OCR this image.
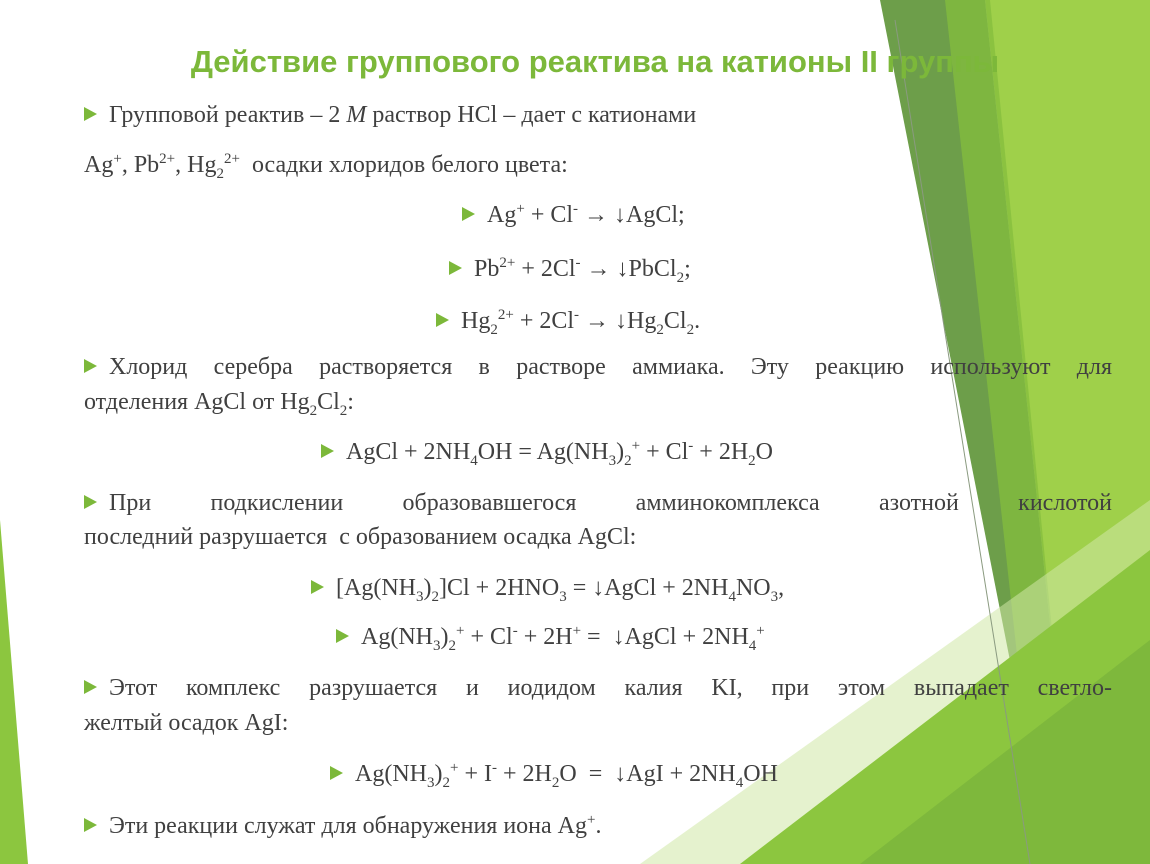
Действие группового реактива на катионы II группы
Групповой реактив – 2 М раствор HCl – дает с катионами
Ag+, $Pb^{2+}$, $Hg_2^{2+}$  осадки хлоридов белого цвета:
Ag+ + Cl- → ↓AgCl;
$Pb^{2+} + 2Cl^-$ → ↓PbCl$_2$;
$Hg_2^{2+} + 2Cl^-$ → $↓Hg_2Cl_2$.
Хлорид серебра растворяется в растворе аммиака. Эту реакцию используют для
отделения AgCl от $Hg_2Cl_2$:
AgCl + $2NH_4OH = Ag(NH_3)_2^+ + Cl^- + 2H_2O$
При подкислении образовавшегося амминокомплекса азотной кислотой
последний разрушается  с образованием осадка AgCl:
$[Ag(NH_3)_2]Cl + 2HNO_3$ = ↓AgCl + $2NH_4NO_3$,
$Ag(NH_3)_2^+ + Cl^- + 2H^+$ =  ↓AgCl + $2NH_4^+$
Этот комплекс разрушается и иодидом калия KI, при этом выпадает светло-
желтый осадок AgI:
$Ag(NH_3)_2^+ + I^- + 2H_2O$  =  ↓AgI + $2NH_4OH$
Эти реакции служат для обнаружения иона Ag+.
